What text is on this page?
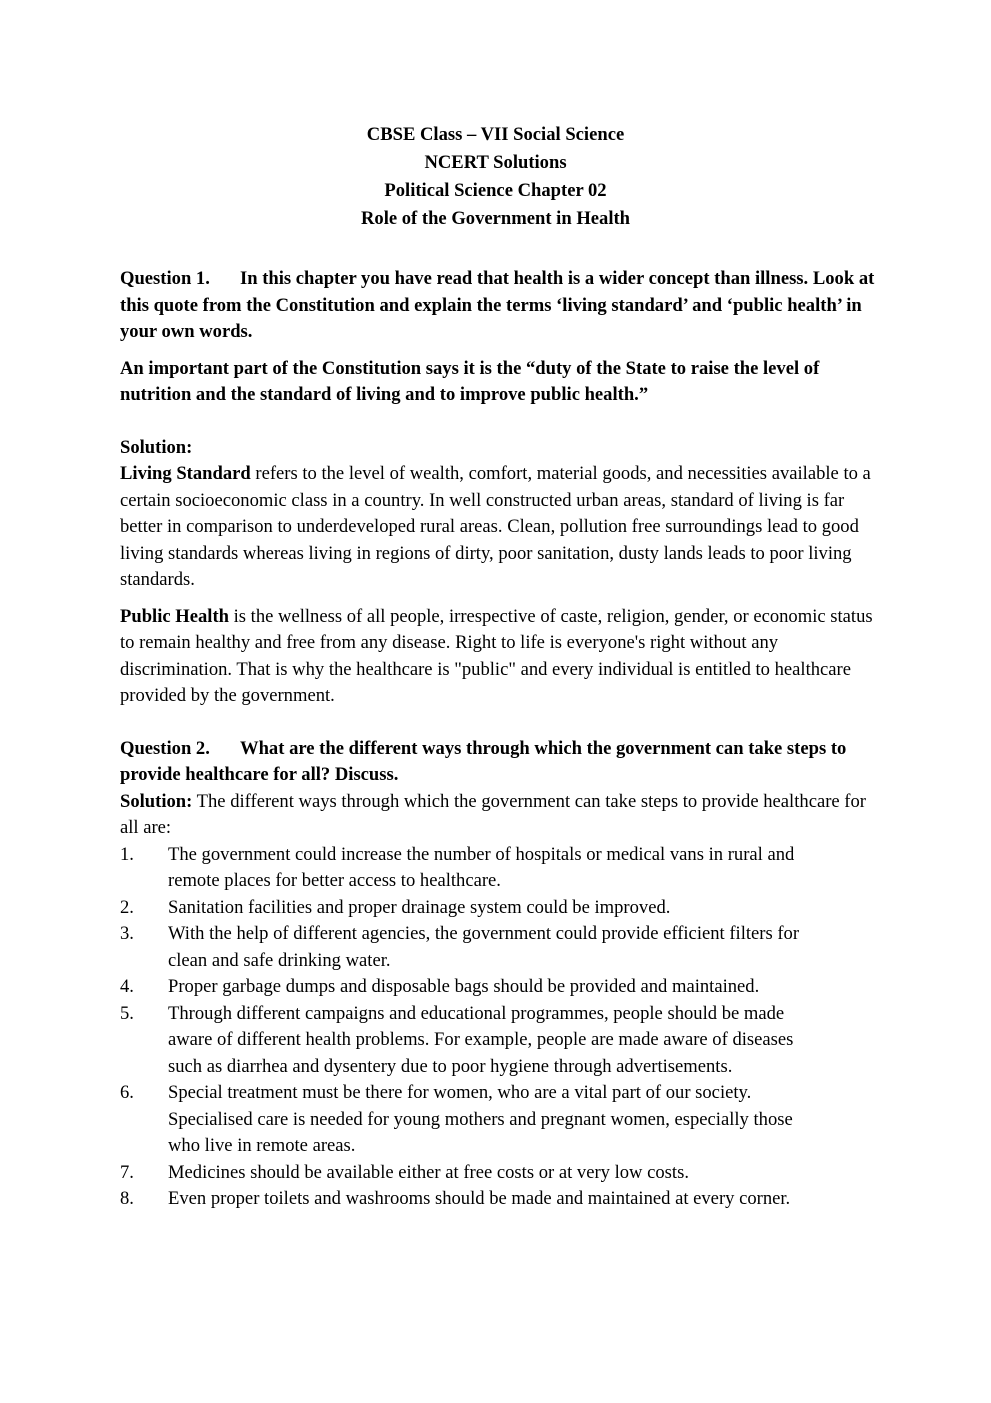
CBSE Class – VII Social Science
NCERT Solutions
Political Science Chapter 02
Role of the Government in Health

Question 1. In this chapter you have read that health is a wider concept than illness. Look at this quote from the Constitution and explain the terms ‘living standard’ and ‘public health’ in your own words.

An important part of the Constitution says it is the “duty of the State to raise the level of nutrition and the standard of living and to improve public health.”

Solution:

Living Standard refers to the level of wealth, comfort, material goods, and necessities available to a certain socioeconomic class in a country. In well constructed urban areas, standard of living is far better in comparison to underdeveloped rural areas. Clean, pollution free surroundings lead to good living standards whereas living in regions of dirty, poor sanitation, dusty lands leads to poor living standards.

Public Health is the wellness of all people, irrespective of caste, religion, gender, or economic status to remain healthy and free from any disease. Right to life is everyone's right without any discrimination. That is why the healthcare is "public" and every individual is entitled to healthcare provided by the government.

Question 2. What are the different ways through which the government can take steps to provide healthcare for all? Discuss.

Solution: The different ways through which the government can take steps to provide healthcare for all are:

1. The government could increase the number of hospitals or medical vans in rural and remote places for better access to healthcare.
2. Sanitation facilities and proper drainage system could be improved.
3. With the help of different agencies, the government could provide efficient filters for clean and safe drinking water.
4. Proper garbage dumps and disposable bags should be provided and maintained.
5. Through different campaigns and educational programmes, people should be made aware of different health problems. For example, people are made aware of diseases such as diarrhea and dysentery due to poor hygiene through advertisements.
6. Special treatment must be there for women, who are a vital part of our society. Specialised care is needed for young mothers and pregnant women, especially those who live in remote areas.
7. Medicines should be available either at free costs or at very low costs.
8. Even proper toilets and washrooms should be made and maintained at every corner.
